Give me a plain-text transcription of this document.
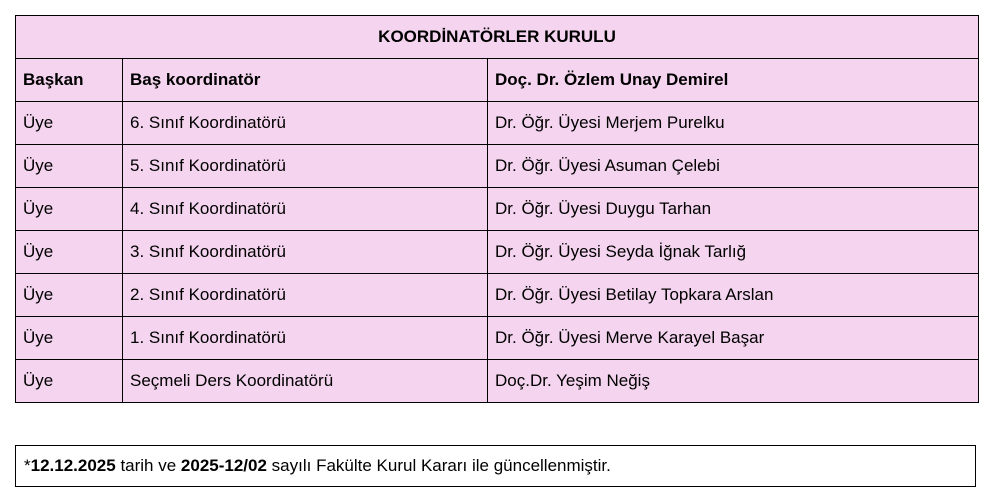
KOORDİNATÖRLER KURULU		
Başkan	Baş koordinatör	Doç. Dr. Özlem Unay Demirel
Üye	6. Sınıf Koordinatörü	Dr. Öğr. Üyesi Merjem Purelku
Üye	5. Sınıf Koordinatörü	Dr. Öğr. Üyesi Asuman Çelebi
Üye	4. Sınıf Koordinatörü	Dr. Öğr. Üyesi Duygu Tarhan
Üye	3. Sınıf Koordinatörü	Dr. Öğr. Üyesi Seyda İğnak Tarlığ
Üye	2. Sınıf Koordinatörü	Dr. Öğr. Üyesi Betilay Topkara Arslan
Üye	1. Sınıf Koordinatörü	Dr. Öğr. Üyesi Merve Karayel Başar
Üye	Seçmeli Ders Koordinatörü	Doç.Dr. Yeşim Neğiş
* 12.12.2025 tarih ve 2025-12/02 sayılı Fakülte Kurul Kararı ile güncellenmiştir.
